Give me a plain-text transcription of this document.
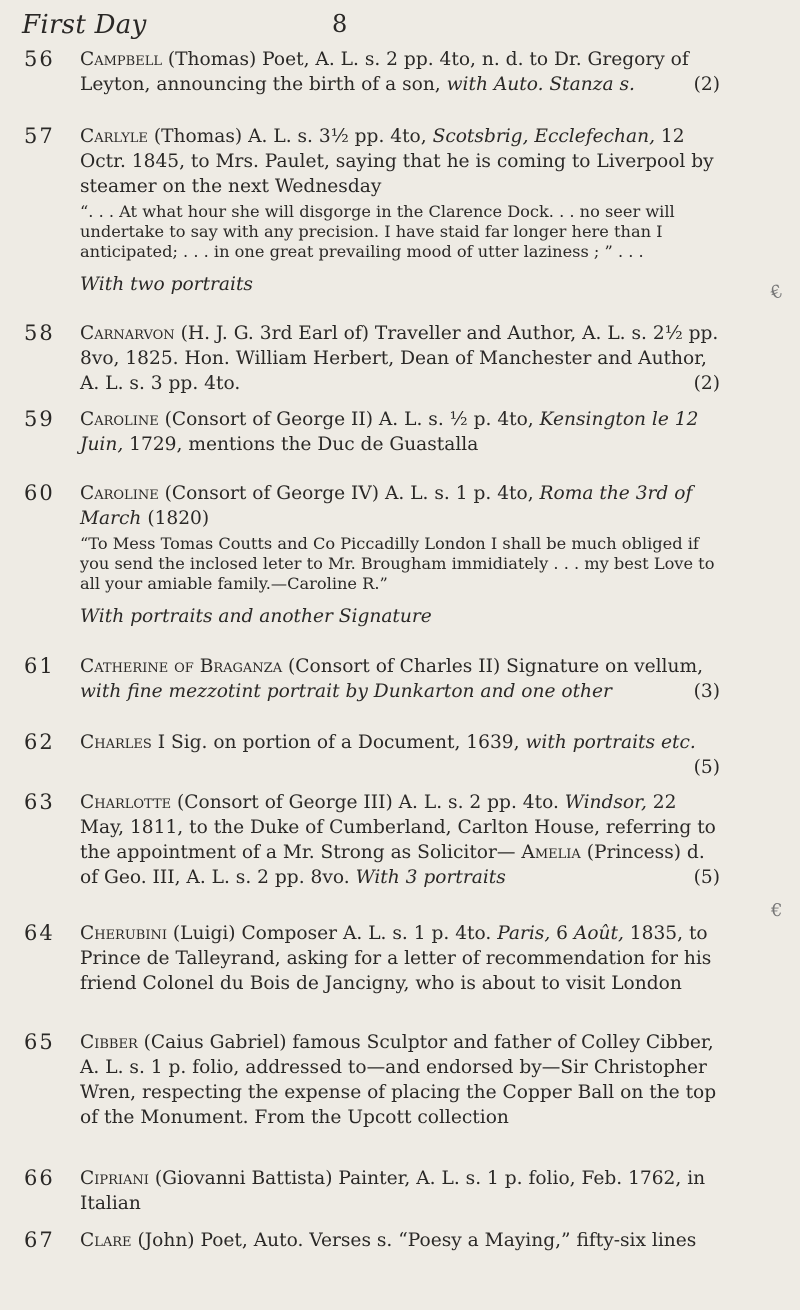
First Day	8
56 Campbell (Thomas) Poet, A. L. s. 2 pp. 4to, n. d. to Dr. Gregory of Leyton, announcing the birth of a son, with Auto. Stanza s.	(2)

57 Carlyle (Thomas) A. L. s. 3½ pp. 4to, Scotsbrig, Ecclefechan, 12 Octr. 1845, to Mrs. Paulet, saying that he is coming to Liverpool by steamer on the next Wednesday

“. . . At what hour she will disgorge in the Clarence Dock. . . no seer will undertake to say with any precision. I have staid far longer here than I anticipated; . . . in one great prevailing mood of utter laziness ; ” . . .

With two portraits

58 Carnarvon (H. J. G. 3rd Earl of) Traveller and Author, A. L. s. 2½ pp. 8vo, 1825. Hon. William Herbert, Dean of Manchester and Author, A. L. s. 3 pp. 4to.	(2)

59 Caroline (Consort of George II) A. L. s. ½ p. 4to, Kensington le 12 Juin, 1729, mentions the Duc de Guastalla

60 Caroline (Consort of George IV) A. L. s. 1 p. 4to, Roma the 3rd of March (1820)

“To Mess Tomas Coutts and Co Piccadilly London I shall be much obliged if you send the inclosed leter to Mr. Brougham immidiately . . . my best Love to all your amiable family.—Caroline R.”

With portraits and another Signature

61 Catherine of Braganza (Consort of Charles II) Signature on vellum, with fine mezzotint portrait by Dunkarton and one other	(3)

62 Charles I Sig. on portion of a Document, 1639, with portraits etc.
(5)

63 Charlotte (Consort of George III) A. L. s. 2 pp. 4to. Windsor, 22 May, 1811, to the Duke of Cumberland, Carlton House, referring to the appointment of a Mr. Strong as Solicitor— Amelia (Princess) d. of Geo. III, A. L. s. 2 pp. 8vo. With 3 portraits	(5)

64 Cherubini (Luigi) Composer A. L. s. 1 p. 4to. Paris, 6 Août, 1835, to Prince de Talleyrand, asking for a letter of recommendation for his friend Colonel du Bois de Jancigny, who is about to visit London

65 Cibber (Caius Gabriel) famous Sculptor and father of Colley Cibber, A. L. s. 1 p. folio, addressed to—and endorsed by—Sir Christopher Wren, respecting the expense of placing the Copper Ball on the top of the Monument. From the Upcott collection

66 Cipriani (Giovanni Battista) Painter, A. L. s. 1 p. folio, Feb. 1762, in Italian

67 Clare (John) Poet, Auto. Verses s. “Poesy a Maying,” fifty-six lines

€
€
